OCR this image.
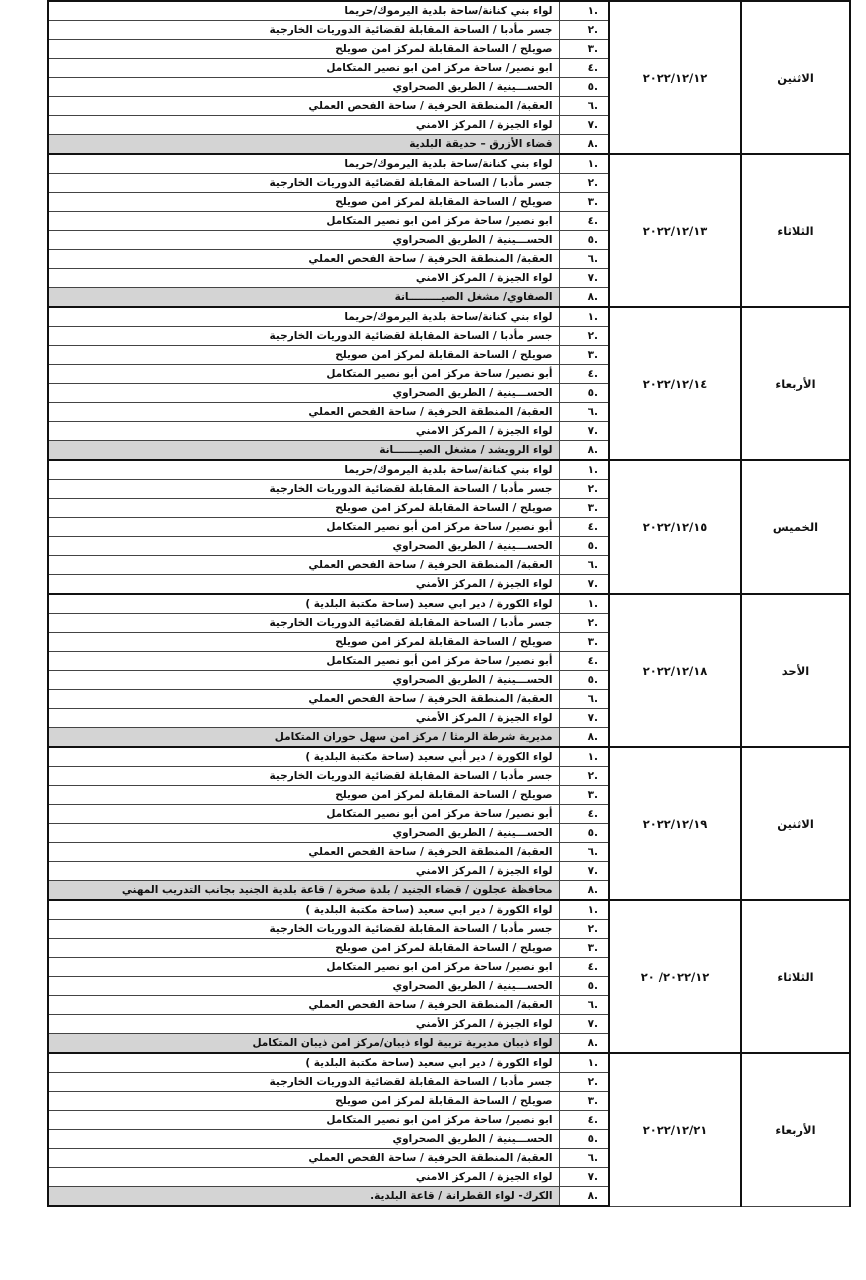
الاثنين	٢٠٢٢/١٢/١٢	.١	لواء بني كنانة/ساحة بلدية اليرموك/حريما
		.٢	جسر مأدبا / الساحة المقابلة لقضائية الدوريات الخارجية
		.٣	صويلح / الساحة المقابلة لمركز امن صويلح
		.٤	ابو نصير/ ساحة مركز امن ابو نصير المتكامل
		.٥	الحســـينية / الطريق الصحراوي
		.٦	العقبة/ المنطقة الحرفية / ساحة الفحص العملي
		.٧	لواء الجيزة / المركز الامني
		.٨	قضاء الأزرق – حديقة البلدية
الثلاثاء	٢٠٢٢/١٢/١٣	.١	لواء بني كنانة/ساحة بلدية اليرموك/حريما
		.٢	جسر مأدبا / الساحة المقابلة لقضائية الدوريات الخارجية
		.٣	صويلح / الساحة المقابلة لمركز امن صويلح
		.٤	ابو نصير/ ساحة مركز امن ابو نصير المتكامل
		.٥	الحســـينية / الطريق الصحراوي
		.٦	العقبة/ المنطقة الحرفية / ساحة الفحص العملي
		.٧	لواء الجيزة / المركز الامني
		.٨	الصفاوي/ مشغل الصيـــــــــانة
الأربعاء	٢٠٢٢/١٢/١٤	.١	لواء بني كنانة/ساحة بلدية اليرموك/حريما
		.٢	جسر مأدبا / الساحة المقابلة لقضائية الدوريات الخارجية
		.٣	صويلح / الساحة المقابلة لمركز امن صويلح
		.٤	أبو نصير/ ساحة مركز امن أبو نصير المتكامل
		.٥	الحســـينية / الطريق الصحراوي
		.٦	العقبة/ المنطقة الحرفية / ساحة الفحص العملي
		.٧	لواء الجيزة / المركز الامني
		.٨	لواء الرويشد / مشغل الصيـــــــانة
الخميس	٢٠٢٢/١٢/١٥	.١	لواء بني كنانة/ساحة بلدية اليرموك/حريما
		.٢	جسر مأدبا / الساحة المقابلة لقضائية الدوريات الخارجية
		.٣	صويلح / الساحة المقابلة لمركز امن صويلح
		.٤	أبو نصير/ ساحة مركز امن أبو نصير المتكامل
		.٥	الحســـينية / الطريق الصحراوي
		.٦	العقبة/ المنطقة الحرفية / ساحة الفحص العملي
		.٧	لواء الجيزة / المركز الأمني
الأحد	٢٠٢٢/١٢/١٨	.١	لواء الكورة / دير ابي سعيد (ساحة مكتبة البلدية )
		.٢	جسر مأدبا / الساحة المقابلة لقضائية الدوريات الخارجية
		.٣	صويلح / الساحة المقابلة لمركز امن صويلح
		.٤	أبو نصير/ ساحة مركز امن أبو نصير المتكامل
		.٥	الحســـينية / الطريق الصحراوي
		.٦	العقبة/ المنطقة الحرفية / ساحة الفحص العملي
		.٧	لواء الجيزة / المركز الأمني
		.٨	مديرية شرطة الرمثا / مركز امن سهل حوران المتكامل
الاثنين	٢٠٢٢/١٢/١٩	.١	لواء الكورة / دير أبي سعيد (ساحة مكتبة البلدية )
		.٢	جسر مأدبا / الساحة المقابلة لقضائية الدوريات الخارجية
		.٣	صويلح / الساحة المقابلة لمركز امن صويلح
		.٤	أبو نصير/ ساحة مركز امن أبو نصير المتكامل
		.٥	الحســـينية / الطريق الصحراوي
		.٦	العقبة/ المنطقة الحرفية / ساحة الفحص العملي
		.٧	لواء الجيزة / المركز الامني
		.٨	محافظة عجلون / قضاء الجنيد / بلدة صخرة / قاعة بلدية الجنيد بجانب التدريب المهني
الثلاثاء	٢٠٢٢/١٢/ ٢٠	.١	لواء الكورة / دير ابي سعيد (ساحة مكتبة البلدية )
		.٢	جسر مأدبا / الساحة المقابلة لقضائية الدوريات الخارجية
		.٣	صويلح / الساحة المقابلة لمركز امن صويلح
		.٤	ابو نصير/ ساحة مركز امن ابو نصير المتكامل
		.٥	الحســـينية / الطريق الصحراوي
		.٦	العقبة/ المنطقة الحرفية / ساحة الفحص العملي
		.٧	لواء الجيزة / المركز الأمني
		.٨	لواء ذيبان مديرية تربية لواء ذيبان/مركز امن ذيبان المتكامل
الأربعاء	٢٠٢٢/١٢/٢١	.١	لواء الكورة / دير ابي سعيد (ساحة مكتبة البلدية )
		.٢	جسر مأدبا / الساحة المقابلة لقضائية الدوريات الخارجية
		.٣	صويلح / الساحة المقابلة لمركز امن صويلح
		.٤	ابو نصير/ ساحة مركز امن ابو نصير المتكامل
		.٥	الحســـينية / الطريق الصحراوي
		.٦	العقبة/ المنطقة الحرفية / ساحة الفحص العملي
		.٧	لواء الجيزة / المركز الامني
		.٨	الكرك- لواء القطرانة / قاعة البلدية.
